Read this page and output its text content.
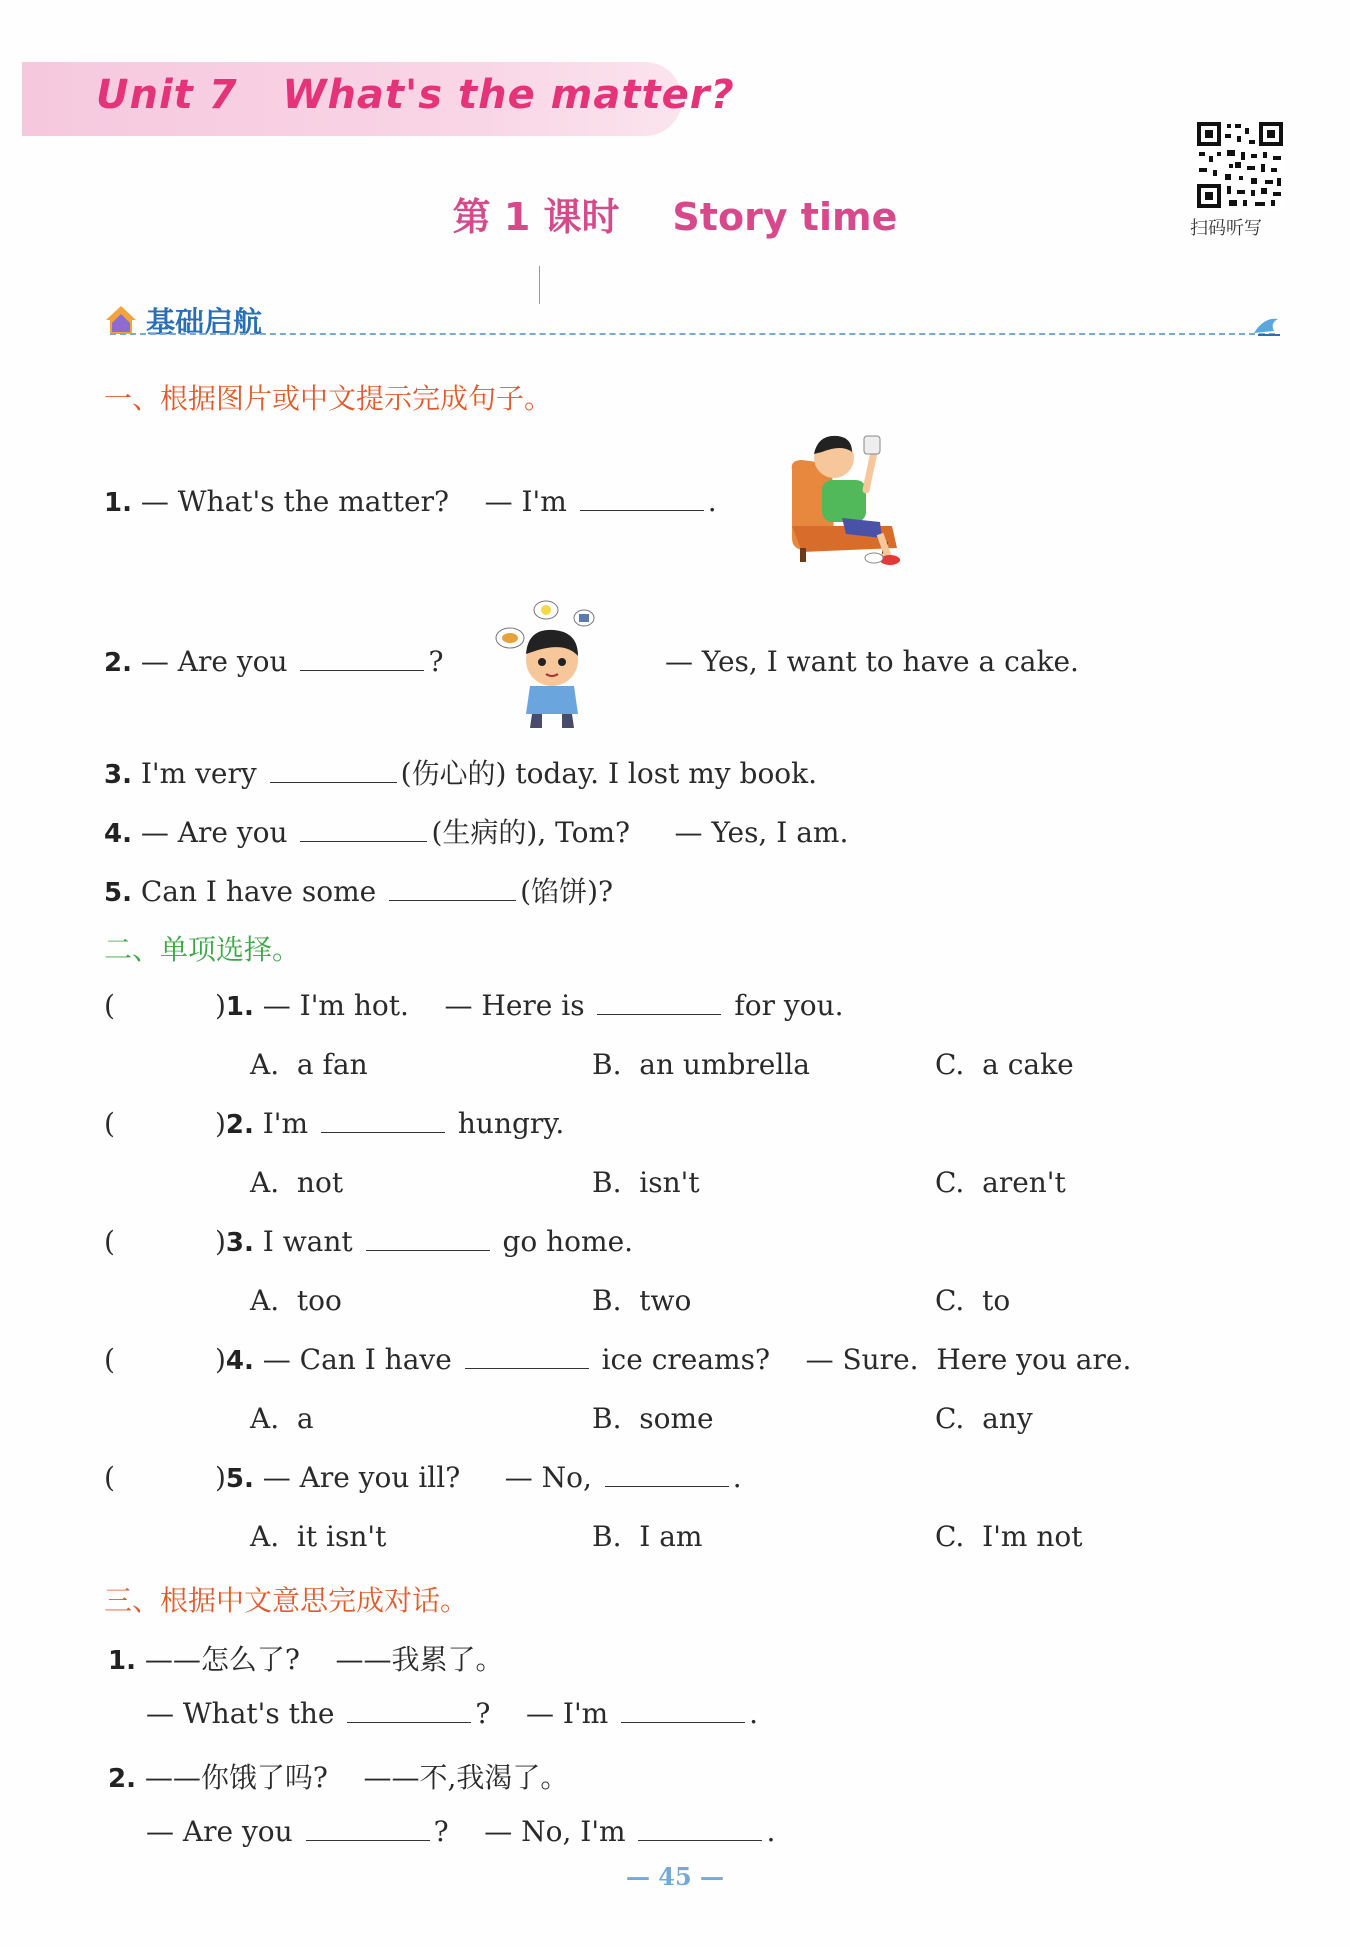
Unit 7   What's the matter?
第 1 课时    Story time	扫码听写
基础启航
一、根据图片或中文提示完成句子。
1. — What's the matter?    — I'm	.
2. — Are you	?	— Yes, I want to have a cake.
3. I'm very	(伤心的) today. I lost my book.
4. — Are you	(生病的), Tom?     — Yes, I am.
5. Can I have some	(馅饼)?
二、单项选择。
(	)1. — I'm hot.    — Here is	for you.
A.  a fan	B.  an umbrella	C.  a cake
(	)2. I'm	hungry.
A.  not	B.  isn't	C.  aren't
(	)3. I want	go home.
A.  too	B.  two	C.  to
(	)4. — Can I have	ice creams?    — Sure.  Here you are.
A.  a	B.  some	C.  any
(	)5. — Are you ill?     — No,	.
A.  it isn't	B.  I am	C.  I'm not
三、根据中文意思完成对话。
1. ——怎么了?    ——我累了。
— What's the	?    — I'm	.
2. ——你饿了吗?    ——不,我渴了。
— Are you	?    — No, I'm	.
— 45 —
